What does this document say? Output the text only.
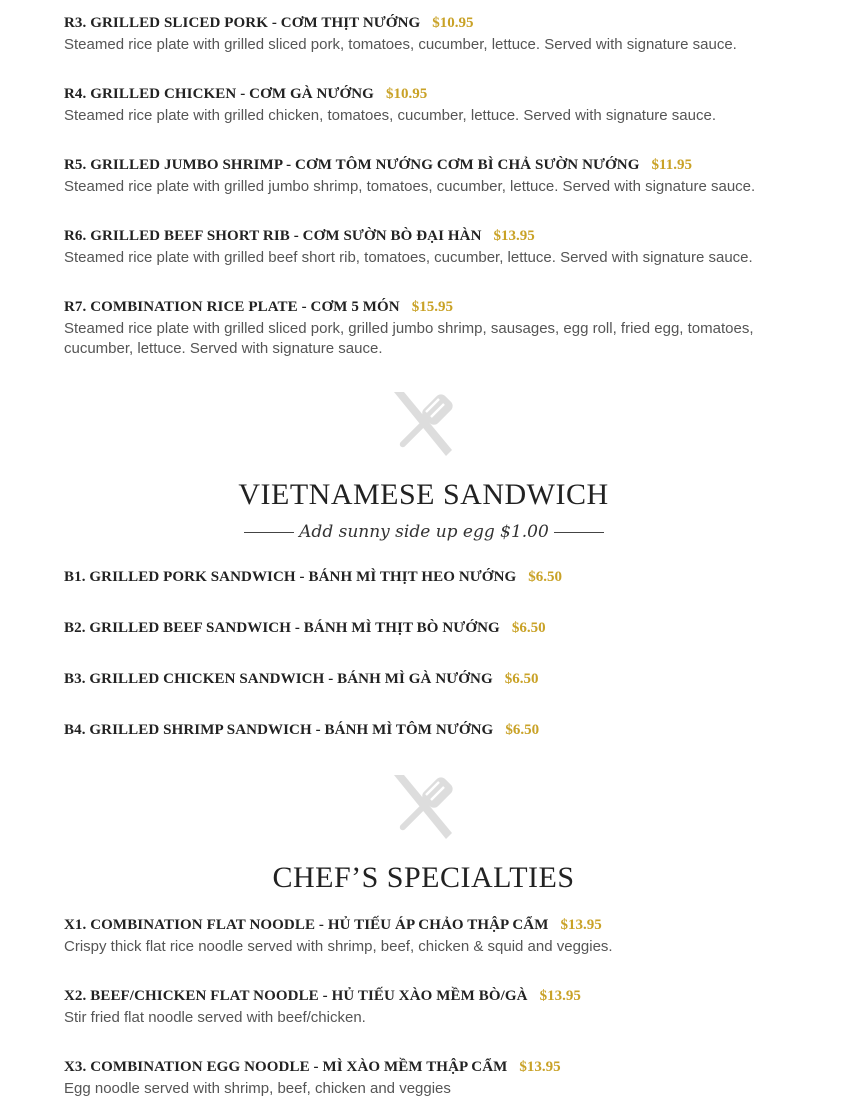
R3. GRILLED SLICED PORK - CƠM THỊT NƯỚNG $10.95
Steamed rice plate with grilled sliced pork, tomatoes, cucumber, lettuce. Served with signature sauce.
R4. GRILLED CHICKEN - CƠM GÀ NƯỚNG $10.95
Steamed rice plate with grilled chicken, tomatoes, cucumber, lettuce. Served with signature sauce.
R5. GRILLED JUMBO SHRIMP - CƠM TÔM NƯỚNG CƠM BÌ CHẢ SƯỜN NƯỚNG $11.95
Steamed rice plate with grilled jumbo shrimp, tomatoes, cucumber, lettuce. Served with signature sauce.
R6. GRILLED BEEF SHORT RIB - CƠM SƯỜN BÒ ĐẠI HÀN $13.95
Steamed rice plate with grilled beef short rib, tomatoes, cucumber, lettuce. Served with signature sauce.
R7. COMBINATION RICE PLATE - CƠM 5 MÓN $15.95
Steamed rice plate with grilled sliced pork, grilled jumbo shrimp, sausages, egg roll, fried egg, tomatoes, cucumber, lettuce. Served with signature sauce.
VIETNAMESE SANDWICH
Add sunny side up egg $1.00
B1. GRILLED PORK SANDWICH - BÁNH MÌ THỊT HEO NƯỚNG $6.50
B2. GRILLED BEEF SANDWICH - BÁNH MÌ THỊT BÒ NƯỚNG $6.50
B3. GRILLED CHICKEN SANDWICH - BÁNH MÌ GÀ NƯỚNG $6.50
B4. GRILLED SHRIMP SANDWICH - BÁNH MÌ TÔM NƯỚNG $6.50
CHEF’S SPECIALTIES
X1. COMBINATION FLAT NOODLE - HỦ TIẾU ÁP CHẢO THẬP CẨM $13.95
Crispy thick flat rice noodle served with shrimp, beef, chicken & squid and veggies.
X2. BEEF/CHICKEN FLAT NOODLE - HỦ TIẾU XÀO MỀM BÒ/GÀ $13.95
Stir fried flat noodle served with beef/chicken.
X3. COMBINATION EGG NOODLE - MÌ XÀO MỀM THẬP CẨM $13.95
Egg noodle served with shrimp, beef, chicken and veggies
